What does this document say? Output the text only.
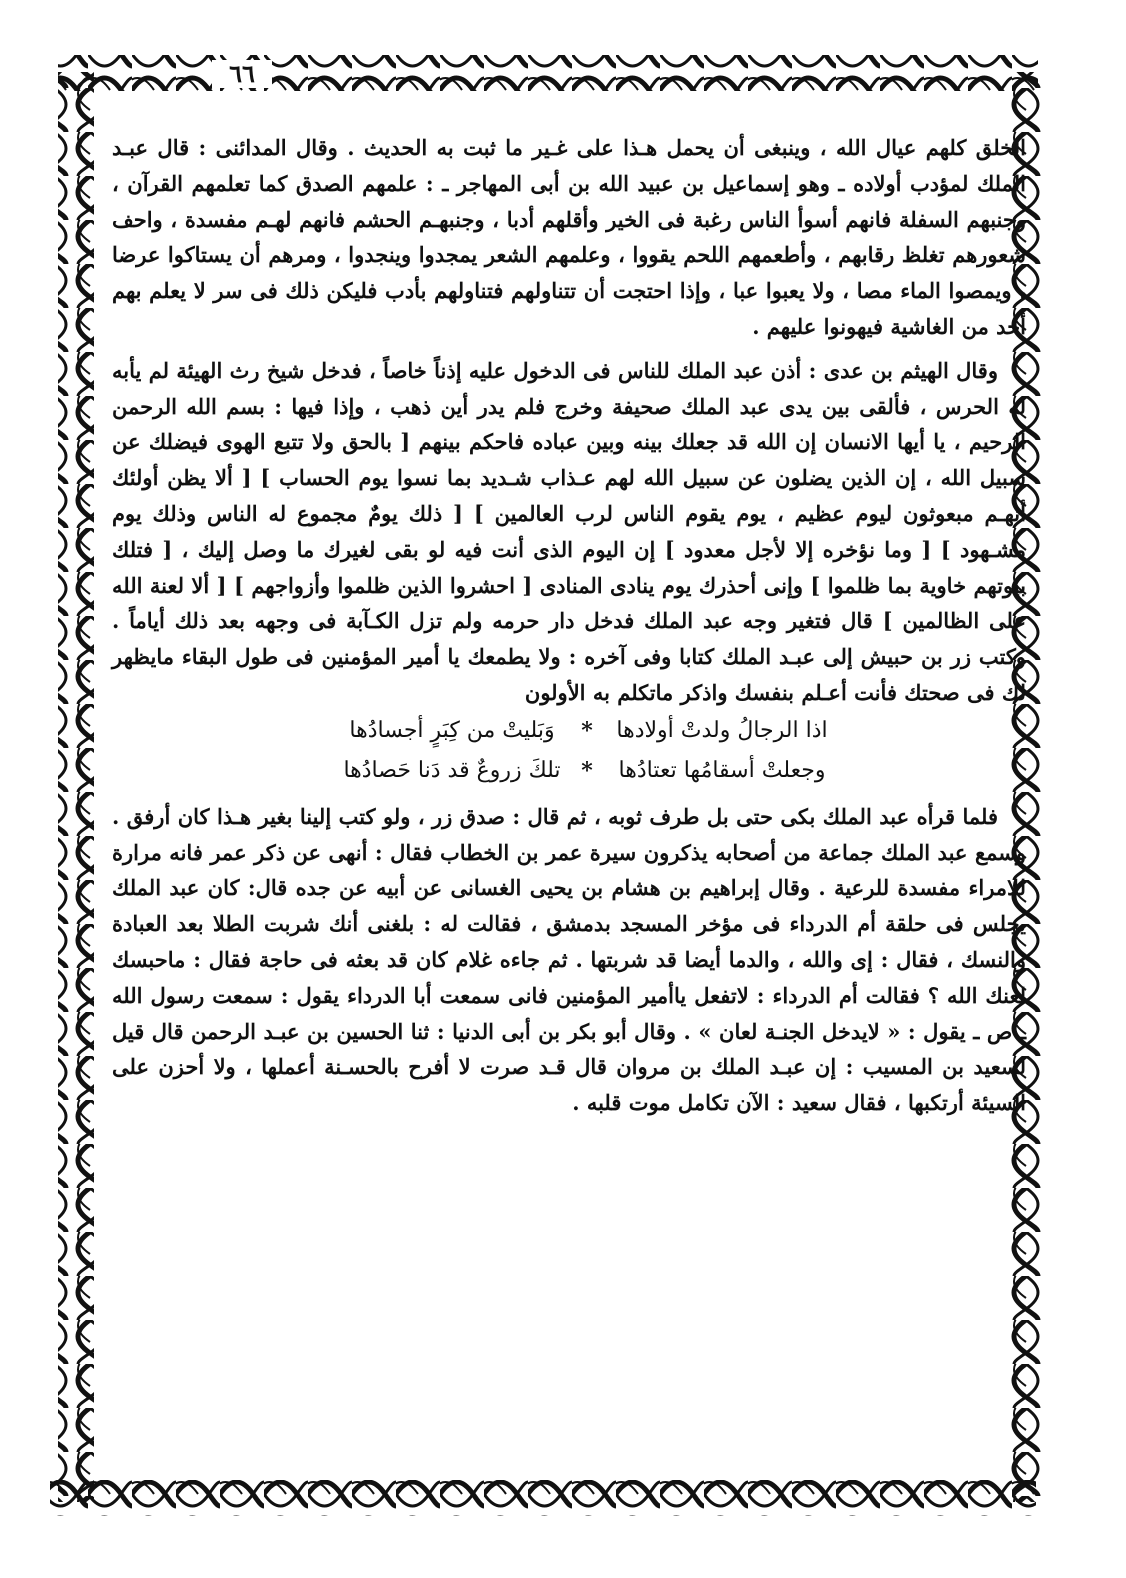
٦٦

الخلق كلهم عيال الله ، وينبغى أن يحمل هـذا على غـير ما ثبت به الحديث . وقال المدائنى : قال عبـد الملك لمؤدب أولاده ـ وهو إسماعيل بن عبيد الله بن أبى المهاجر ـ : علمهم الصدق كما تعلمهم القرآن ، وجنبهم السفلة فانهم أسوأ الناس رغبة فى الخير وأقلهم أدبا ، وجنبهـم الحشم فانهم لهـم مفسدة ، واحف شعورهم تغلظ رقابهم ، وأطعمهم اللحم يقووا ، وعلمهم الشعر يمجدوا وينجدوا ، ومرهم أن يستاكوا عرضا ، ويمصوا الماء مصا ، ولا يعبوا عبا ، وإذا احتجت أن تتناولهم فتناولهم بأدب فليكن ذلك فى سر لا يعلم بهم أحد من الغاشية فيهونوا عليهم .

وقال الهيثم بن عدى : أذن عبد الملك للناس فى الدخول عليه إذناً خاصاً ، فدخل شيخ رث الهيئة لم يأبه له الحرس ، فألقى بين يدى عبد الملك صحيفة وخرج فلم يدر أين ذهب ، وإذا فيها : بسم الله الرحمن الرحيم ، يا أيها الانسان إن الله قد جعلك بينه وبين عباده فاحكم بينهم [ بالحق ولا تتبع الهوى فيضلك عن سبيل الله ، إن الذين يضلون عن سبيل الله لهم عـذاب شـديد بما نسوا يوم الحساب ] [ ألا يظن أولئك أنهـم مبعوثون ليوم عظيم ، يوم يقوم الناس لرب العالمين ] [ ذلك يومٌ مجموع له الناس وذلك يوم مشـهود ] [ وما نؤخره إلا لأجل معدود ] إن اليوم الذى أنت فيه لو بقى لغيرك ما وصل إليك ، [ فتلك بيوتهم خاوية بما ظلموا ] وإنى أحذرك يوم ينادى المنادى [ احشروا الذين ظلموا وأزواجهم ] [ ألا لعنة الله على الظالمين ] قال فتغير وجه عبد الملك فدخل دار حرمه ولم تزل الكـآبة فى وجهه بعد ذلك أياماً . وكتب زر بن حبيش إلى عبـد الملك كتابا وفى آخره : ولا يطمعك يا أمير المؤمنين فى طول البقاء مايظهر لك فى صحتك فأنت أعـلم بنفسك واذكر ماتكلم به الأولون

اذا الرجالُ ولدتْ أولادها
*
وَبَليتْ من كِبَرٍ أجسادُها
وجعلتْ أسقامُها تعتادُها
*
تلكَ زروعٌ قد دَنا حَصادُها

فلما قرأه عبد الملك بكى حتى بل طرف ثوبه ، ثم قال : صدق زر ، ولو كتب إلينا بغير هـذا كان أرفق . وسمع عبد الملك جماعة من أصحابه يذكرون سيرة عمر بن الخطاب فقال : أنهى عن ذكر عمر فانه مرارة للامراء مفسدة للرعية . وقال إبراهيم بن هشام بن يحيى الغسانى عن أبيه عن جده قال: كان عبد الملك يجلس فى حلقة أم الدرداء فى مؤخر المسجد بدمشق ، فقالت له : بلغنى أنك شربت الطلا بعد العبادة والنسك ، فقال : إى والله ، والدما أيضا قد شربتها . ثم جاءه غلام كان قد بعثه فى حاجة فقال : ماحبسك لعنك الله ؟ فقالت أم الدرداء : لاتفعل ياأمير المؤمنين فانى سمعت أبا الدرداء يقول : سمعت رسول الله ـ ص ـ يقول : « لايدخل الجنـة لعان » . وقال أبو بكر بن أبى الدنيا : ثنا الحسين بن عبـد الرحمن قال قيل لسعيد بن المسيب : إن عبـد الملك بن مروان قال قـد صرت لا أفرح بالحسـنة أعملها ، ولا أحزن على السيئة أرتكبها ، فقال سعيد : الآن تكامل موت قلبه .
